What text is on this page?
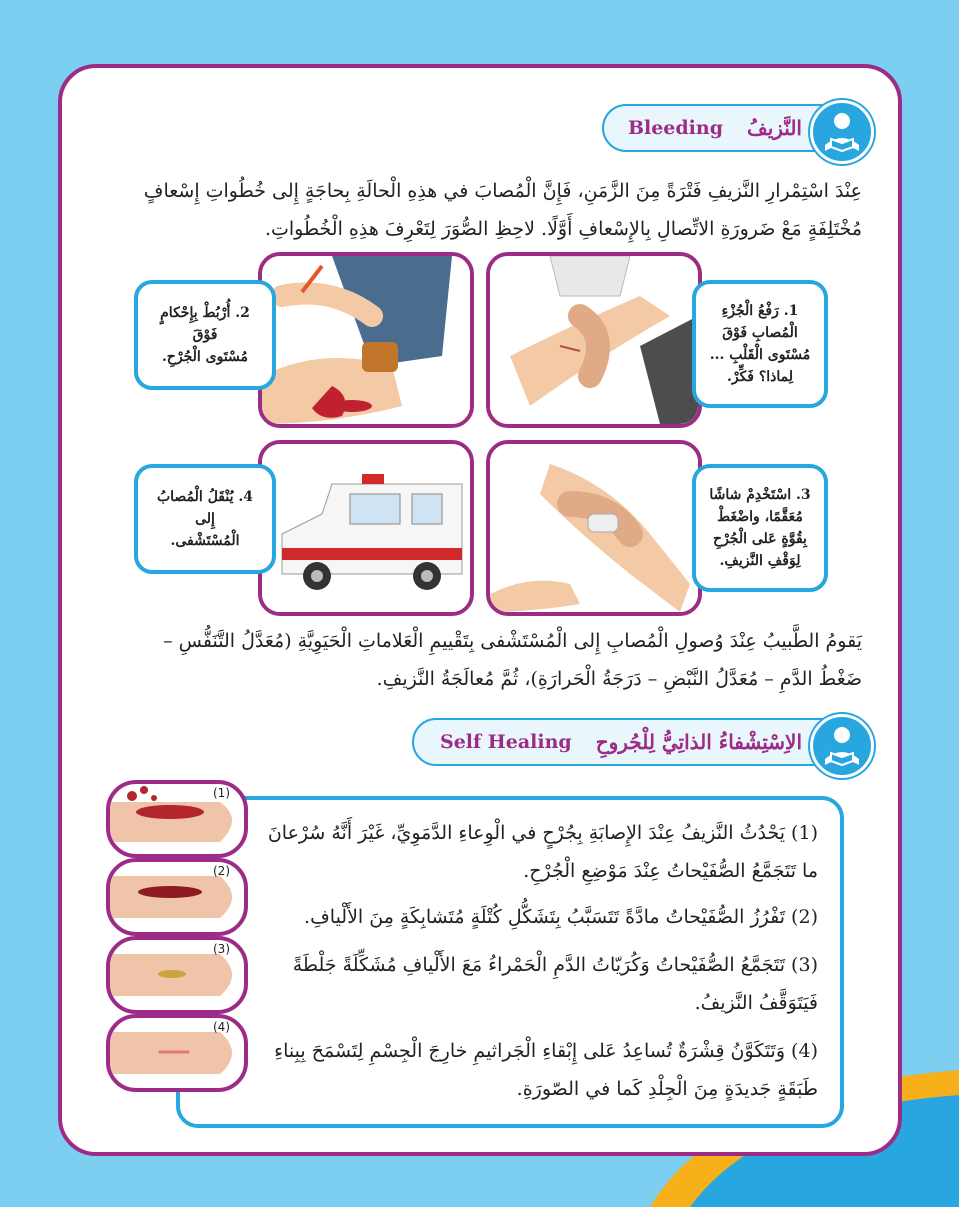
Bleeding النَّزيفُ
عِنْدَ اسْتِمْرارِ النَّزيفِ فَتْرَةً مِنَ الزَّمَنِ، فَإِنَّ الْمُصابَ في هذِهِ الْحالَةِ بِحاجَةٍ إِلى خُطُواتِ إِسْعافٍ
مُخْتَلِفَةٍ مَعْ ضَرورَةِ الاتِّصالِ بِالإِسْعافِ أَوَّلًا. لاحِظِ الصُّوَرَ لِتَعْرِفَ هذِهِ الْخُطُواتِ.
2. أُرْبُطْ بِإِحْكامٍ فَوْقَ
مُسْتَوى الْجُرْحِ.
1. رَفْعُ الْجُزْءِ
الْمُصابِ فَوْقَ
مُسْتَوى الْقَلْبِ ...
لِماذا؟ فَكِّرْ.
4. يُنْقَلُ الْمُصابُ إِلى
الْمُسْتَشْفى.
3. اسْتَخْدِمْ شاشًا
مُعَقَّمًا، واضْغَطْ
بِقُوَّةٍ عَلى الْجُرْحِ
لِوَقْفِ النَّزيفِ.
يَقومُ الطَّبيبُ عِنْدَ وُصولِ الْمُصابِ إِلى الْمُسْتَشْفى بِتَقْييمِ الْعَلاماتِ الْحَيَوِيَّةِ (مُعَدَّلُ التَّنَفُّسِ –
ضَغْطُ الدَّمِ – مُعَدَّلُ النَّبْضِ – دَرَجَةُ الْحَرارَةِ)، ثُمَّ مُعالَجَةُ النَّزيفِ.
Self Healing الاِسْتِشْفاءُ الذاتِيُّ لِلْجُروحِ
(1) يَحْدُثُ النَّزيفُ عِنْدَ الإِصابَةِ بِجُرْحٍ في الْوِعاءِ الدَّمَوِيِّ، غَيْرَ أَنَّهُ سُرْعانَ
ما تَتَجَمَّعُ الصُّفَيْحاتُ عِنْدَ مَوْضِعِ الْجُرْحِ.
(2) تَفْرُزُ الصُّفَيْحاتُ مادَّةً تَتَسَبَّبُ بِتَشَكُّلِ كُتْلَةٍ مُتَشابِكَةٍ مِنَ الأَلْيافِ.
(3) تَتَجَمَّعُ الصُّفَيْحاتُ وَكُرَيّاتُ الدَّمِ الْحَمْراءُ مَعَ الأَلْيافِ مُشَكِّلَةً جَلْطَةً
فَيَتَوَقَّفُ النَّزيفُ.
(4) وَتَتَكَوَّنُ قِشْرَةٌ تُساعِدُ عَلى إِبْقاءِ الْجَراثيمِ خارِجَ الْجِسْمِ لِتَسْمَحَ بِبِناءِ
طَبَقَةٍ جَديدَةٍ مِنَ الْجِلْدِ كَما في الصّورَةِ.
(1)
(2)
(3)
(4)
82
